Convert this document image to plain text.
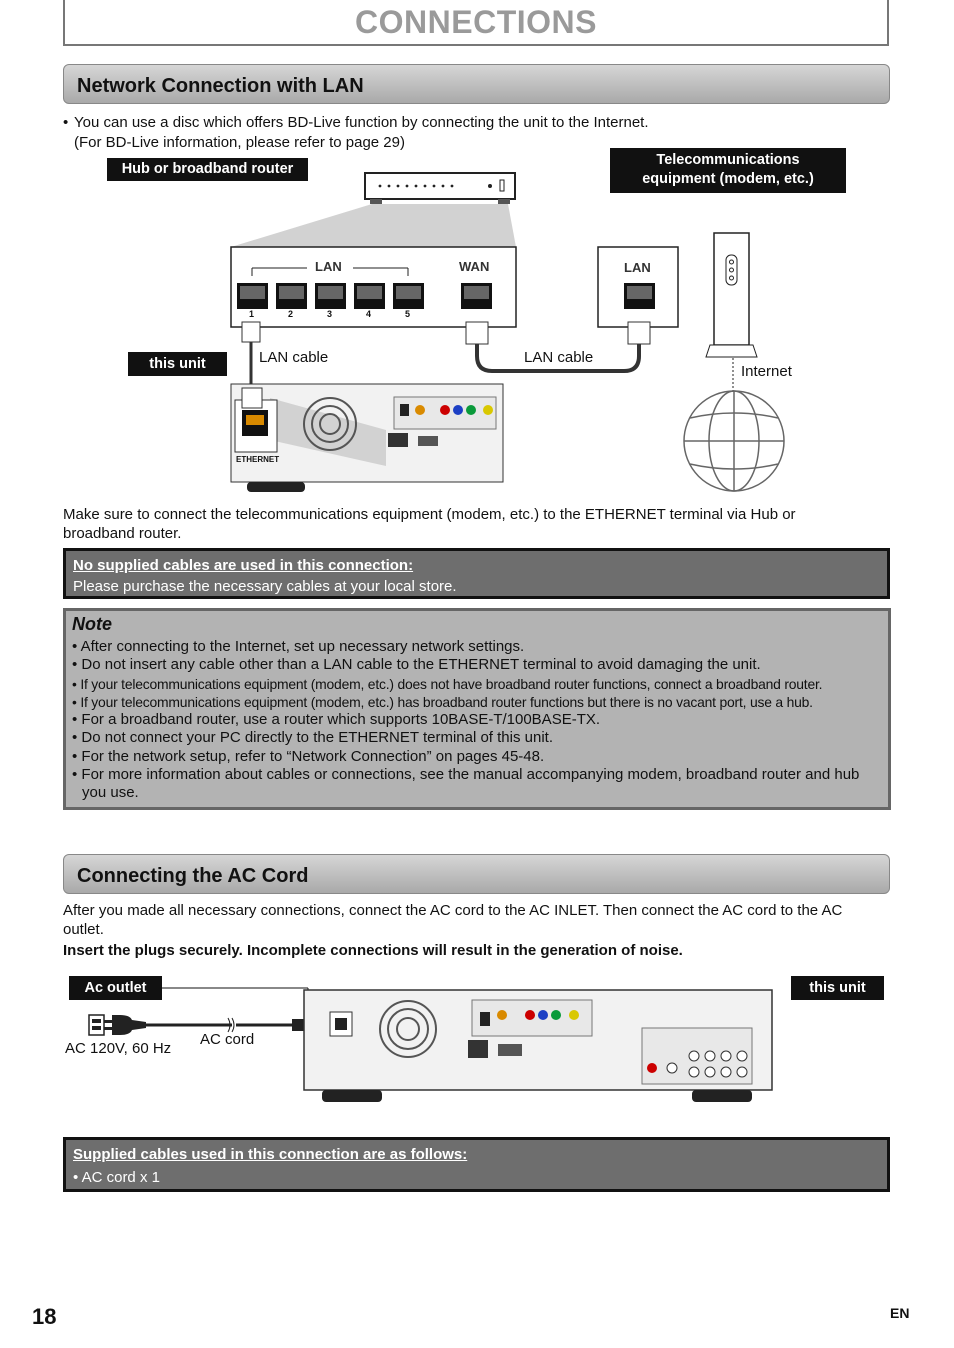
CONNECTIONS
Network Connection with LAN
• You can use a disc which offers BD-Live function by connecting the unit to the Internet.
(For BD-Live information, please refer to page 29)
Hub or broadband router
Telecommunications
equipment (modem, etc.)
LAN	WAN	LAN
1	2	3	4	5
this unit	LAN cable	LAN cable
Internet
ETHERNET
Make sure to connect the telecommunications equipment (modem, etc.) to the ETHERNET terminal via Hub or
broadband router.
No supplied cables are used in this connection:
Please purchase the necessary cables at your local store.
Note
• After connecting to the Internet, set up necessary network settings.
• Do not insert any cable other than a LAN cable to the ETHERNET terminal to avoid damaging the unit.
• If your telecommunications equipment (modem, etc.) does not have broadband router functions, connect a broadband router.
• If your telecommunications equipment (modem, etc.) has broadband router functions but there is no vacant port, use a hub.
• For a broadband router, use a router which supports 10BASE-T/100BASE-TX.
• Do not connect your PC directly to the ETHERNET terminal of this unit.
• For the network setup, refer to “Network Connection” on pages 45-48.
• For more information about cables or connections, see the manual accompanying modem, broadband router and hub you use.
Connecting the AC Cord
After you made all necessary connections, connect the AC cord to the AC INLET. Then connect the AC cord to the AC
outlet.
Insert the plugs securely. Incomplete connections will result in the generation of noise.
Ac outlet	this unit
AC cord
AC 120V, 60 Hz
Supplied cables used in this connection are as follows:
• AC cord x 1
18	EN
